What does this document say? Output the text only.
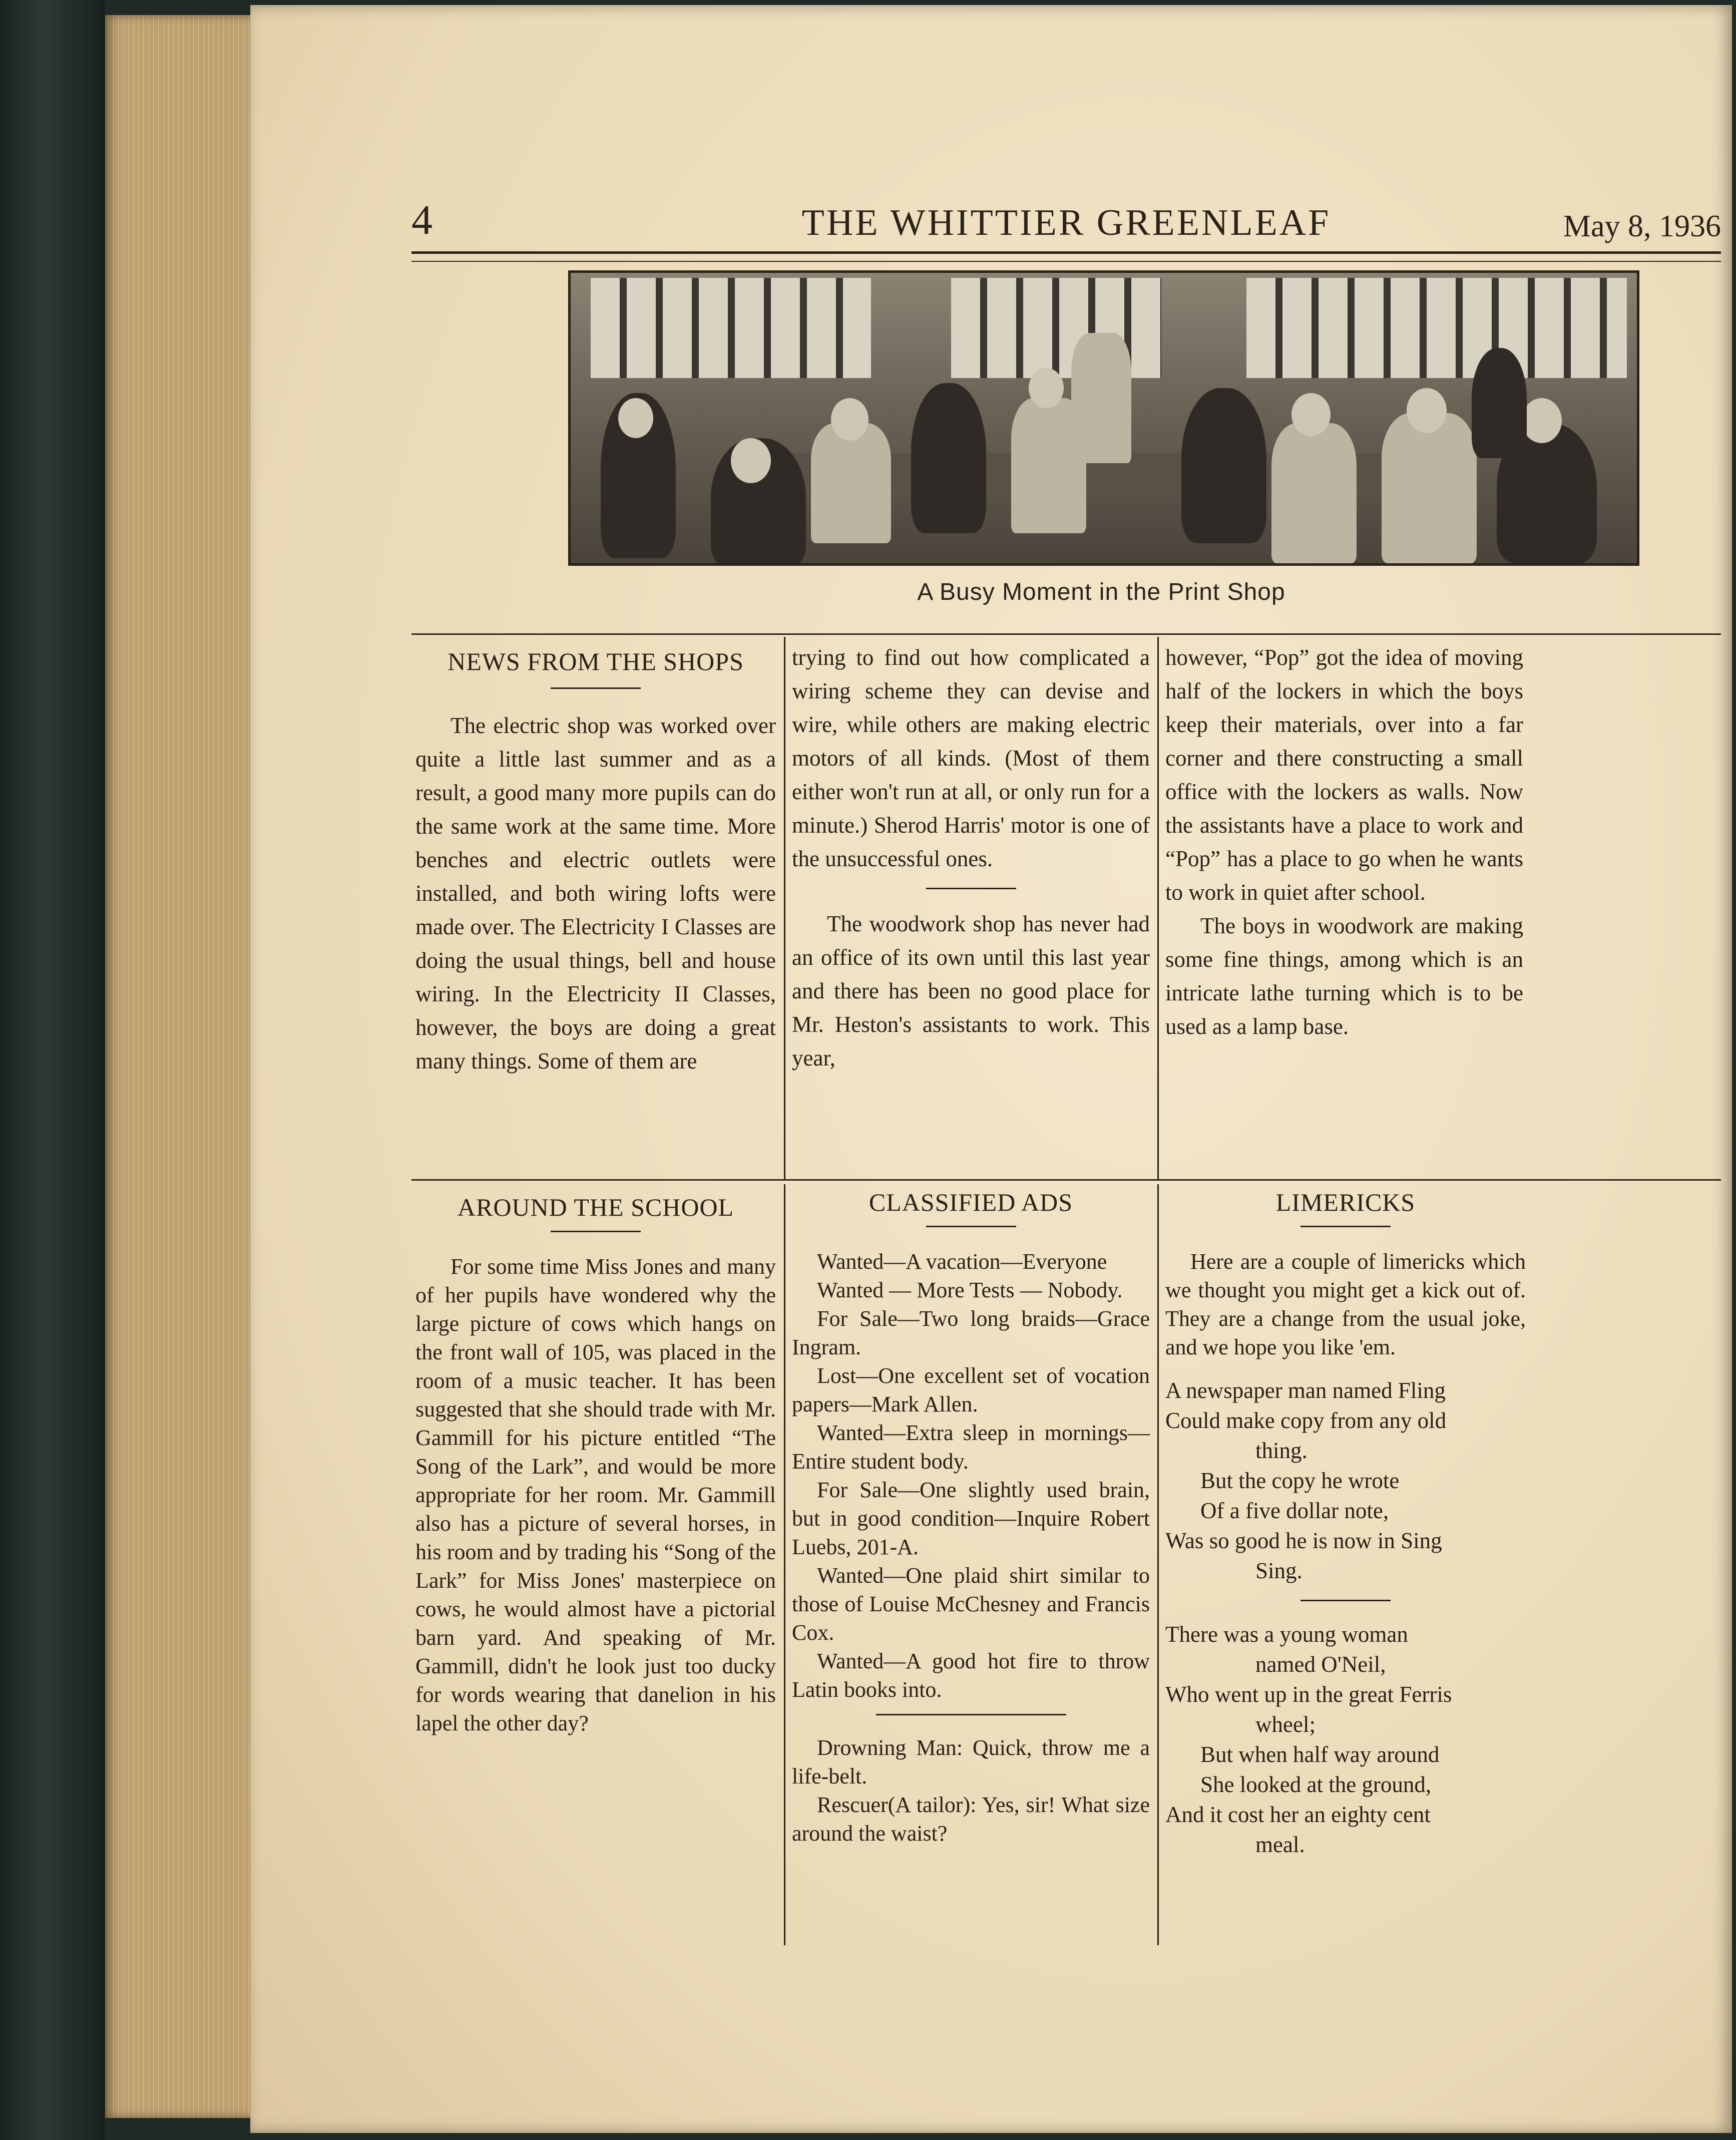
4	THE WHITTIER GREENLEAF	May 8, 1936
A Busy Moment in the Print Shop
NEWS FROM THE SHOPS

The electric shop was worked over quite a little last summer and as a result, a good many more pupils can do the same work at the same time. More benches and electric outlets were installed, and both wiring lofts were made over. The Electricity I Classes are doing the usual things, bell and house wiring. In the Electricity II Classes, however, the boys are doing a great many things. Some of them are

trying to find out how complicated a wiring scheme they can devise and wire, while others are making electric motors of all kinds. (Most of them either won't run at all, or only run for a minute.) Sherod Harris' motor is one of the unsuccessful ones.

The woodwork shop has never had an office of its own until this last year and there has been no good place for Mr. Heston's assistants to work. This year,

however, “Pop” got the idea of moving half of the lockers in which the boys keep their materials, over into a far corner and there constructing a small office with the lockers as walls. Now the assistants have a place to work and “Pop” has a place to go when he wants to work in quiet after school.

The boys in woodwork are making some fine things, among which is an intricate lathe turning which is to be used as a lamp base.

AROUND THE SCHOOL

For some time Miss Jones and many of her pupils have wondered why the large picture of cows which hangs on the front wall of 105, was placed in the room of a music teacher. It has been suggested that she should trade with Mr. Gammill for his picture entitled “The Song of the Lark”, and would be more appropriate for her room. Mr. Gammill also has a picture of several horses, in his room and by trading his “Song of the Lark” for Miss Jones' masterpiece on cows, he would almost have a pictorial barn yard. And speaking of Mr. Gammill, didn't he look just too ducky for words wearing that danelion in his lapel the other day?

CLASSIFIED ADS

Wanted—A vacation—Everyone

Wanted — More Tests — Nobody.

For Sale—Two long braids—Grace Ingram.

Lost—One excellent set of vocation papers—Mark Allen.

Wanted—Extra sleep in mornings—Entire student body.

For Sale—One slightly used brain, but in good condition—Inquire Robert Luebs, 201-A.

Wanted—One plaid shirt similar to those of Louise McChesney and Francis Cox.

Wanted—A good hot fire to throw Latin books into.

Drowning Man: Quick, throw me a life-belt.

Rescuer(A tailor): Yes, sir! What size around the waist?

LIMERICKS

Here are a couple of limericks which we thought you might get a kick out of. They are a change from the usual joke, and we hope you like 'em.

A newspaper man named Fling
Could make copy from any old
thing.
But the copy he wrote
Of a five dollar note,
Was so good he is now in Sing
Sing.
There was a young woman
named O'Neil,
Who went up in the great Ferris
wheel;
But when half way around
She looked at the ground,
And it cost her an eighty cent
meal.
